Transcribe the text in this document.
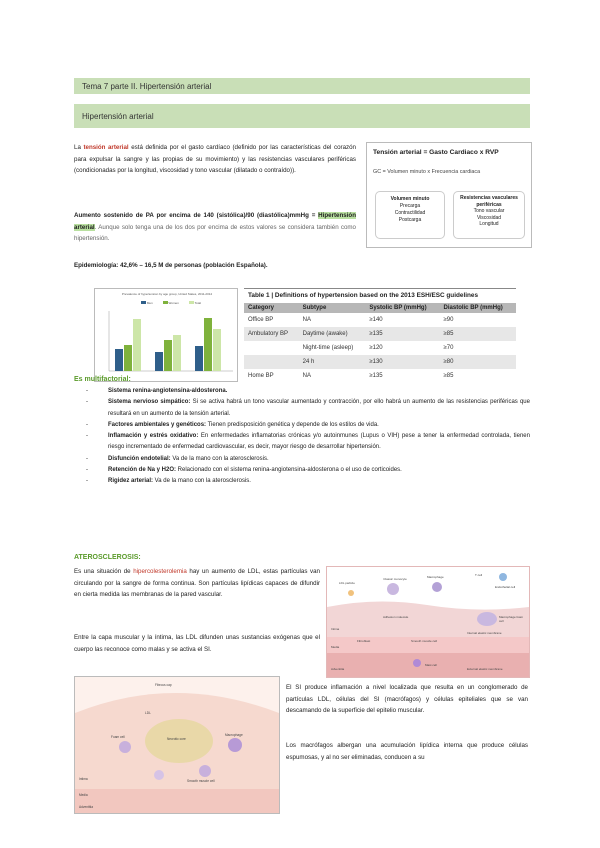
Tema 7 parte II. Hipertensión arterial
Hipertensión arterial
La tensión arterial está definida por el gasto cardíaco (definido por las características del corazón para expulsar la sangre y las propias de su movimiento) y las resistencias vasculares periféricas (condicionadas por la longitud, viscosidad y tono vascular (dilatado o contraído)).
Aumento sostenido de PA por encima de 140 (sistólica)/90 (diastólica)mmHg = Hipertensión arterial. Aunque solo tenga una de los dos por encima de estos valores se considera también como hipertensión.
Epidemiología: 42,6% – 16,5 M de personas (población Española).
Tensión arterial = Gasto Cardiaco x RVP
GC = Volumen minuto x Frecuencia cardiaca
Volumen minuto
Precarga
Contractilidad
Postcarga
Resistencias vasculares periféricas
Tono vascular
Viscosidad
Longitud
Prevalence of hypertension by age group, United States, 2011-2014
Men	Women	Total
Table 1 | Definitions of hypertension based on the 2013 ESH/ESC guidelines
Category	Subtype	Systolic BP (mmHg)	Diastolic BP (mmHg)
Office BP	NA	≥140	≥90
Ambulatory BP	Daytime (awake)	≥135	≥85
	Night-time (asleep)	≥120	≥70
	24 h	≥130	≥80
Home BP	NA	≥135	≥85
Es multifactorial:
- Sistema renina-angiotensina-aldosterona.
- Sistema nervioso simpático: Si se activa habrá un tono vascular aumentado y contracción, por ello habrá un aumento de las resistencias periféricas que resultará en un aumento de la tensión arterial.
- Factores ambientales y genéticos: Tienen predisposición genética y depende de los estilos de vida.
- Inflamación y estrés oxidativo: En enfermedades inflamatorias crónicas y/o autoinmunes (Lupus o VIH) pese a tener la enfermedad controlada, tienen riesgo incrementado de enfermedad cardiovascular, es decir, mayor riesgo de desarrollar hipertensión.
- Disfunción endotelial: Va de la mano con la aterosclerosis.
- Retención de Na y H2O: Relacionado con el sistema renina-angiotensina-aldosterona o el uso de corticoides.
- Rigidez arterial: Va de la mano con la aterosclerosis.
ATEROSCLEROSIS:
Es una situación de hipercolesterolemia hay un aumento de LDL, estas partículas van circulando por la sangre de forma continua. Son partículas lipídicas capaces de difundir en cierta medida las membranas de la pared vascular.
Entre la capa muscular y la íntima, las LDL difunden unas sustancias exógenas que el cuerpo las reconoce como malas y se activa el SI.
LDL particle
Classic monocyte	Macrophage	T cell
Endothelial cell
Macrophage foam cell
Adhesion molecule
Intima
Internal elastic membrane
Fibroblast	Smooth muscle cell
Media
Adventitia
Mast cell
External elastic membrane
Fibrous cap
Necrotic core
Foam cell	Macrophage
LDL
Smooth muscle cell
Intima
Media
Adventitia
El SI produce inflamación a nivel localizada que resulta en un conglomerado de partículas LDL, células del SI (macrófagos) y células epiteliales que se van descamando de la superficie del epitelio muscular.
Los macrófagos albergan una acumulación lipídica interna que produce células espumosas, y al no ser eliminadas, conducen a su
